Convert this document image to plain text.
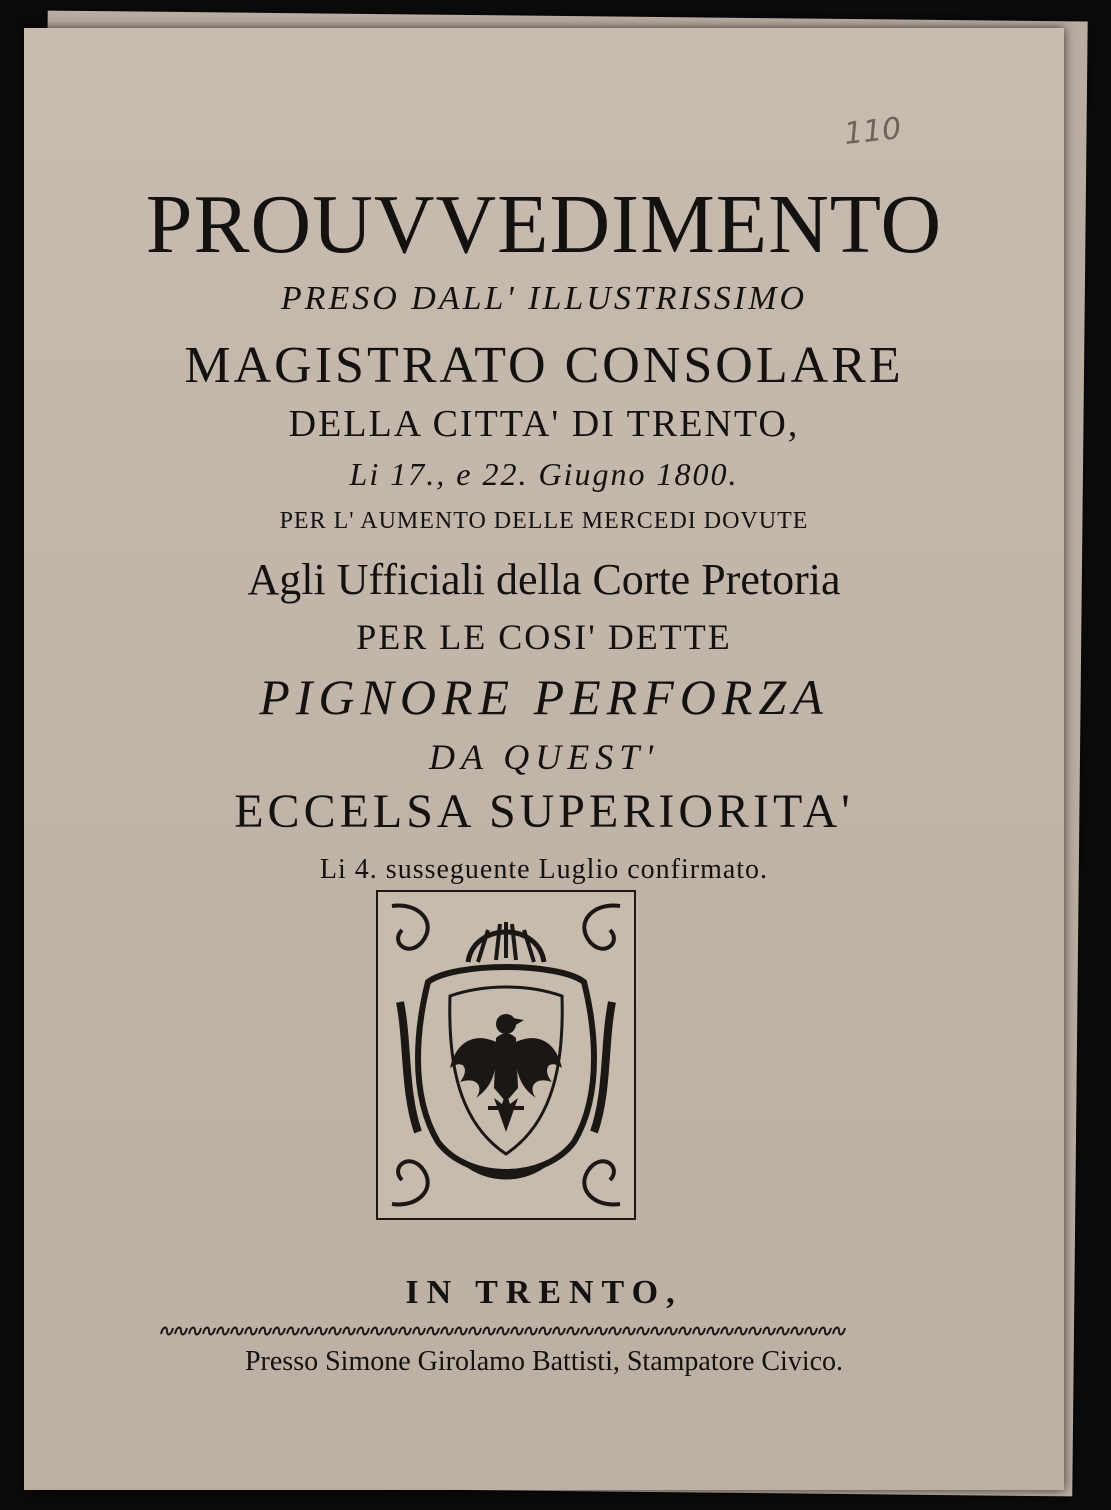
110
PROUVVEDIMENTO
PRESO DALL' ILLUSTRISSIMO
MAGISTRATO CONSOLARE
DELLA CITTA' DI TRENTO,
Li 17., e 22. Giugno 1800.
PER L' AUMENTO DELLE MERCEDI DOVUTE
Agli Ufficiali della Corte Pretoria
PER LE COSI' DETTE
PIGNORE PERFORZA
DA QUEST'
ECCELSA SUPERIORITA'
Li 4. susseguente Luglio confirmato.
IN TRENTO,
Presso Simone Girolamo Battisti, Stampatore Civico.
